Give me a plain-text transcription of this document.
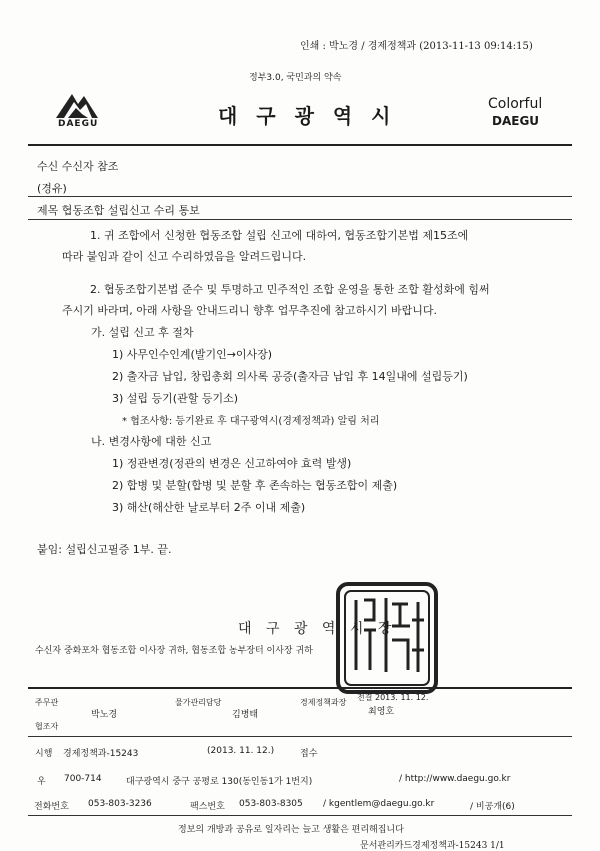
인쇄 : 박노경 / 경제정책과 (2013-11-13 09:14:15)
정부3.0, 국민과의 약속
DAEGU	대 구 광 역 시	Colorful
DAEGU
수신 수신자 참조
(경유)
제목 협동조합 설립신고 수리 통보
1. 귀 조합에서 신청한 협동조합 설립 신고에 대하여, 협동조합기본법 제15조에
따라 붙임과 같이 신고 수리하였음을 알려드립니다.
2. 협동조합기본법 준수 및 투명하고 민주적인 조합 운영을 통한 조합 활성화에 힘써
주시기 바라며, 아래 사항을 안내드리니 향후 업무추진에 참고하시기 바랍니다.
가. 설립 신고 후 절차
1) 사무인수인계(발기인→이사장)
2) 출자금 납입, 창립총회 의사록 공증(출자금 납입 후 14일내에 설립등기)
3) 설립 등기(관할 등기소)
* 협조사항: 등기완료 후 대구광역시(경제정책과) 알림 처리
나. 변경사항에 대한 신고
1) 정관변경(정관의 변경은 신고하여야 효력 발생)
2) 합병 및 분할(합병 및 분할 후 존속하는 협동조합이 제출)
3) 해산(해산한 날로부터 2주 이내 제출)
붙임: 설립신고필증 1부. 끝.
대 구 광 역 시 장
수신자 중화포차 협동조합 이사장 귀하, 협동조합 농부장터 이사장 귀하
주무관
박노경
물가관리담당
김병태
경제정책과장
전결 2013. 11. 12.
최영호
협조자
시행 경제정책과-15243	(2013. 11. 12.)	접수
우 700-714	대구광역시 중구 공평로 130(동인동1가 1번지)	/ http://www.daegu.go.kr
전화번호 053-803-3236	팩스번호 053-803-8305 / kgentlem@daegu.go.kr	/ 비공개(6)
정보의 개방과 공유로 일자리는 늘고 생활은 편리해집니다
문서관리카드경제정책과-15243 1/1
